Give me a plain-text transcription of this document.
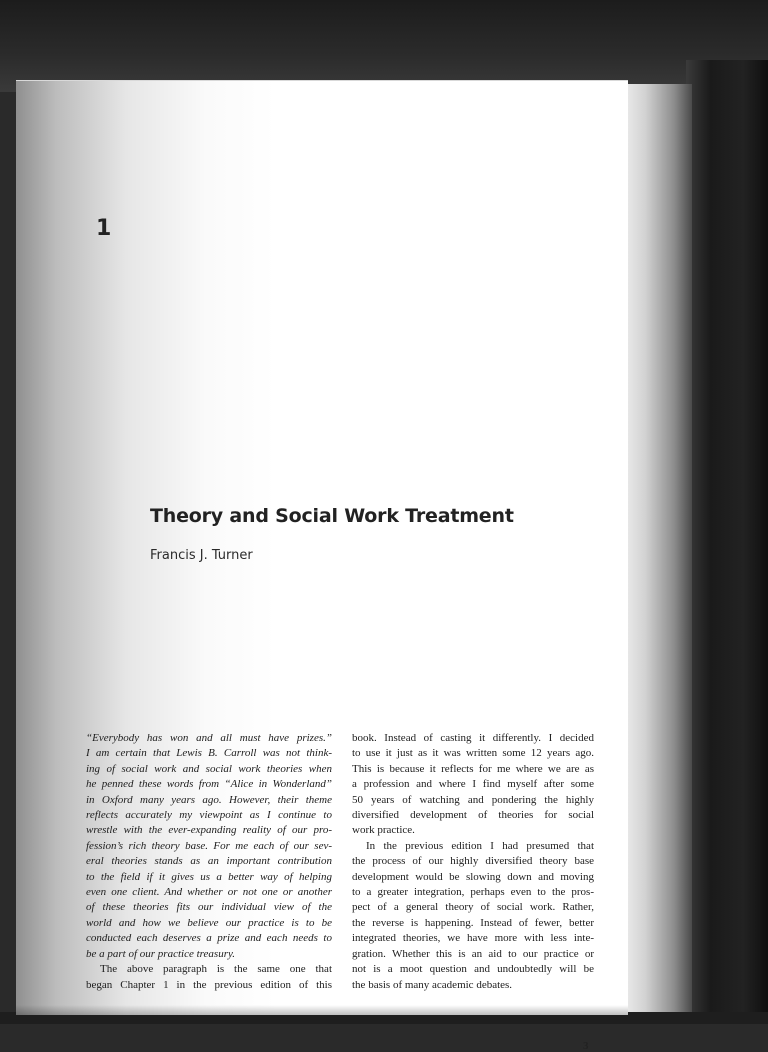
1
Theory and Social Work Treatment
Francis J. Turner
“Everybody has won and all must have prizes.”
I am certain that Lewis B. Carroll was not think-
ing of social work and social work theories when
he penned these words from “Alice in Wonderland”
in Oxford many years ago. However, their theme
reflects accurately my viewpoint as I continue to
wrestle with the ever-expanding reality of our pro-
fession’s rich theory base. For me each of our sev-
eral theories stands as an important contribution
to the field if it gives us a better way of helping
even one client. And whether or not one or another
of these theories fits our individual view of the
world and how we believe our practice is to be
conducted each deserves a prize and each needs to
be a part of our practice treasury.
The above paragraph is the same one that
began Chapter 1 in the previous edition of this
book. Instead of casting it differently. I decided
to use it just as it was written some 12 years ago.
This is because it reflects for me where we are as
a profession and where I find myself after some
50 years of watching and pondering the highly
diversified development of theories for social
work practice.
In the previous edition I had presumed that
the process of our highly diversified theory base
development would be slowing down and moving
to a greater integration, perhaps even to the pros-
pect of a general theory of social work. Rather,
the reverse is happening. Instead of fewer, better
integrated theories, we have more with less inte-
gration. Whether this is an aid to our practice or
not is a moot question and undoubtedly will be
the basis of many academic debates.
3
